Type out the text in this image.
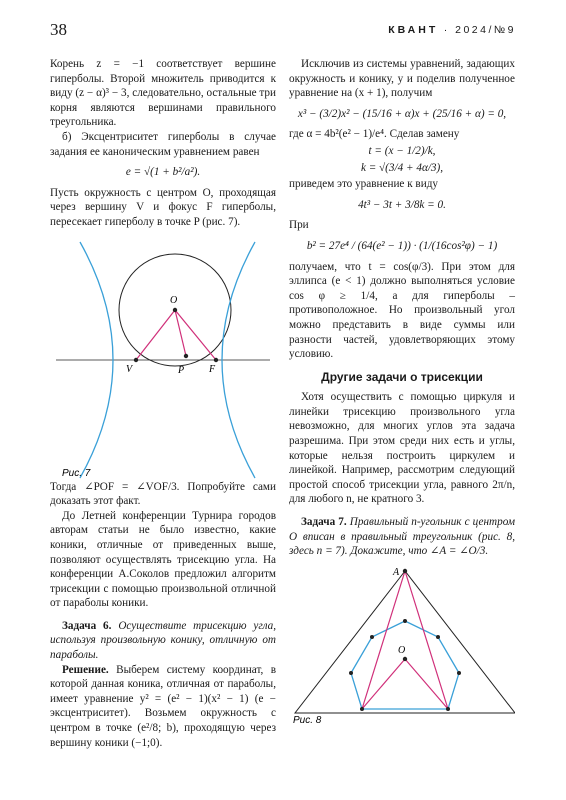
38	КВАНТ · 2024/№9

Корень z = −1 соответствует вершине гиперболы. Второй множитель приводится к виду (z − α)³ − 3, следовательно, остальные три корня являются вершинами правильного треугольника.

б) Эксцентриситет гиперболы в случае задания ее каноническим уравнением равен

e = √(1 + b²/a²).

Пусть окружность с центром O, проходящая через вершину V и фокус F гиперболы, пересекает гиперболу в точке P (рис. 7).

O
V	P F
Рис. 7

Тогда ∠POF = ∠VOF/3. Попробуйте сами доказать этот факт.

До Летней конференции Турнира городов авторам статьи не было известно, какие коники, отличные от приведенных выше, позволяют осуществлять трисекцию угла. На конференции А.Соколов предложил алгоритм трисекции с помощью произвольной отличной от параболы коники.

Задача 6. Осуществите трисекцию угла, используя произвольную конику, отличную от параболы.

Решение. Выберем систему координат, в которой данная коника, отличная от параболы, имеет уравнение y² = (e² − 1)(x² − 1) (e − эксцентриситет). Возьмем окружность с центром в точке (e²/8; b), проходящую через вершину коники (−1;0).

Исключив из системы уравнений, задающих окружность и конику, y и поделив полученное уравнение на (x + 1), получим

x³ − (3/2)x² − (15/16 + α)x + (25/16 + α) = 0,

где α = 4b²(e² − 1)/e⁴. Сделав замену

t = (x − 1/2)/k,

k = √(3/4 + 4α/3),

приведем это уравнение к виду

4t³ − 3t + 3/8k = 0.

При

b² = 27e⁴ / (64(e² − 1)) · (1/(16cos²φ) − 1)

получаем, что t = cos(φ/3). При этом для эллипса (e < 1) должно выполняться условие cos φ ≥ 1/4, а для гиперболы – противоположное. Но произвольный угол можно представить в виде суммы или разности частей, удовлетворяющих этому условию.

Другие задачи о трисекции

Хотя осуществить с помощью циркуля и линейки трисекцию произвольного угла невозможно, для многих углов эта задача разрешима. При этом среди них есть и углы, которые нельзя построить циркулем и линейкой. Например, рассмотрим следующий простой способ трисекции угла, равного 2π/n, для любого n, не кратного 3.

Задача 7. Правильный n-угольник с центром O вписан в правильный треугольник (рис. 8, здесь n = 7). Докажите, что ∠A = ∠O/3.

A
O
Рис. 8
